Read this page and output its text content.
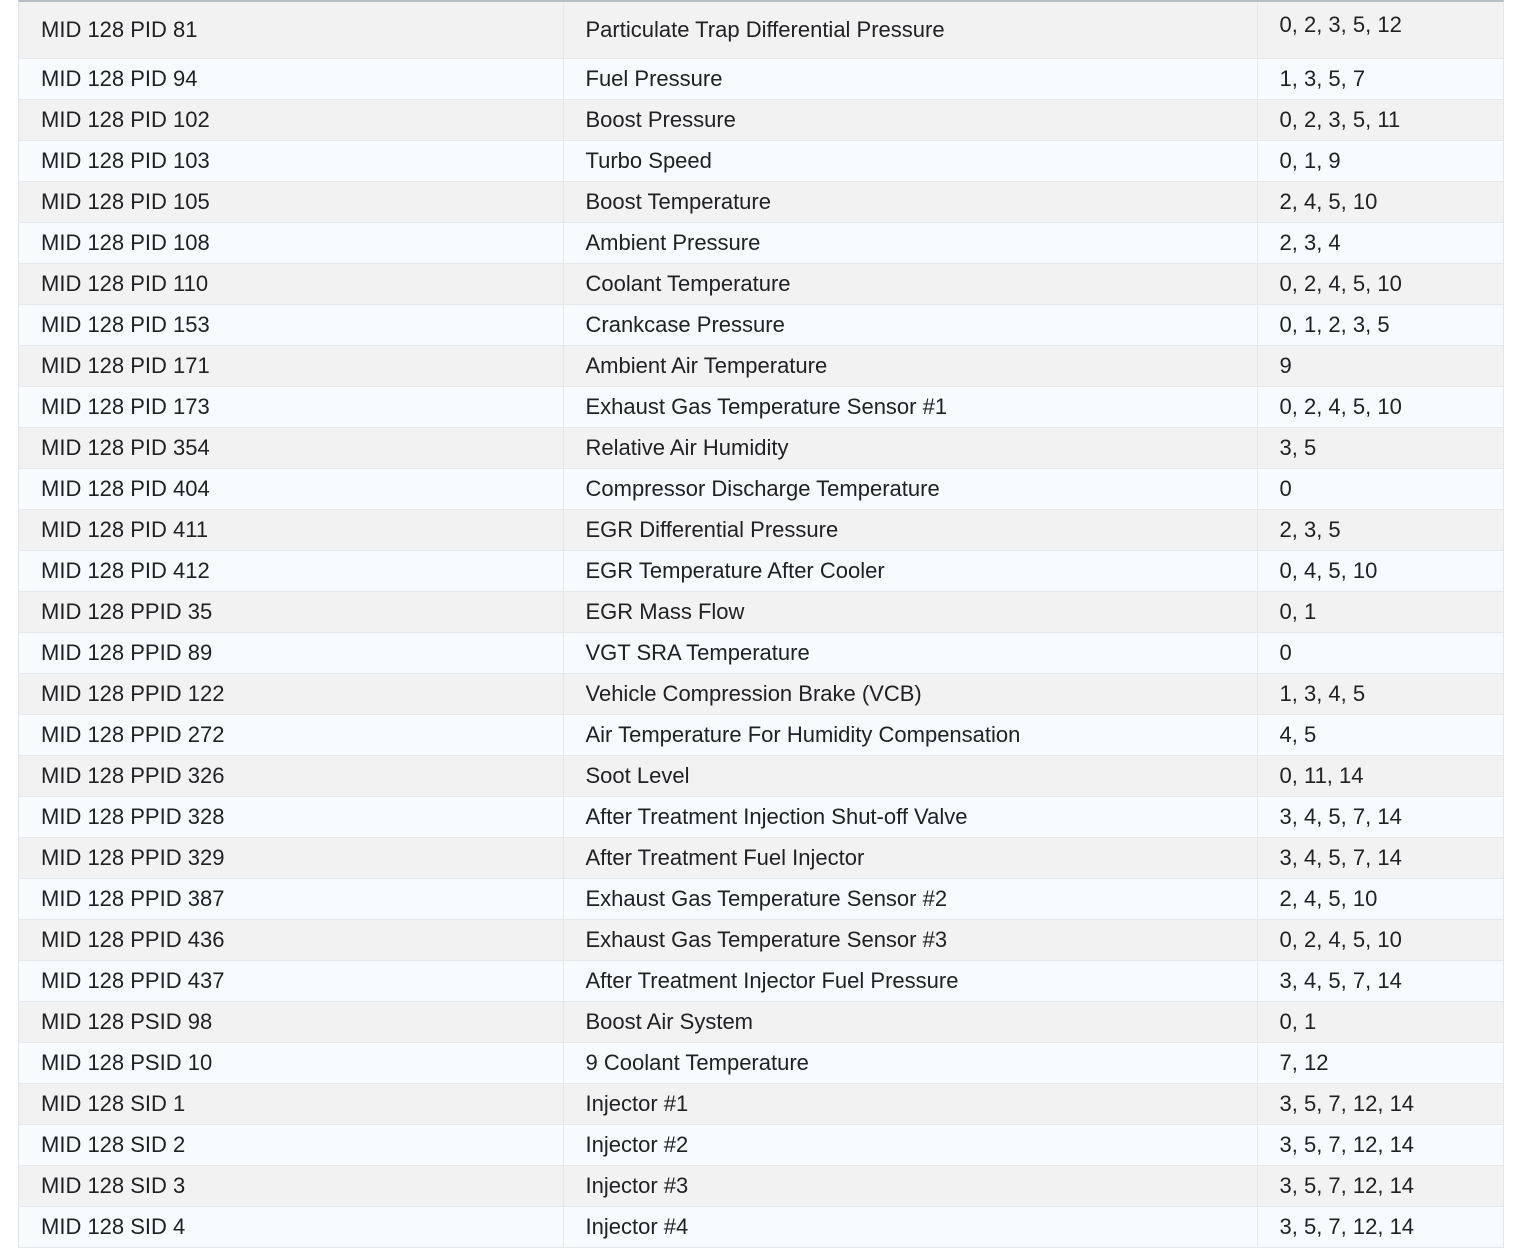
MID 128 PID 81	Particulate Trap Differential Pressure	0, 2, 3, 5, 12
MID 128 PID 94	Fuel Pressure	1, 3, 5, 7
MID 128 PID 102	Boost Pressure	0, 2, 3, 5, 11
MID 128 PID 103	Turbo Speed	0, 1, 9
MID 128 PID 105	Boost Temperature	2, 4, 5, 10
MID 128 PID 108	Ambient Pressure	2, 3, 4
MID 128 PID 110	Coolant Temperature	0, 2, 4, 5, 10
MID 128 PID 153	Crankcase Pressure	0, 1, 2, 3, 5
MID 128 PID 171	Ambient Air Temperature	9
MID 128 PID 173	Exhaust Gas Temperature Sensor #1	0, 2, 4, 5, 10
MID 128 PID 354	Relative Air Humidity	3, 5
MID 128 PID 404	Compressor Discharge Temperature	0
MID 128 PID 411	EGR Differential Pressure	2, 3, 5
MID 128 PID 412	EGR Temperature After Cooler	0, 4, 5, 10
MID 128 PPID 35	EGR Mass Flow	0, 1
MID 128 PPID 89	VGT SRA Temperature	0
MID 128 PPID 122	Vehicle Compression Brake (VCB)	1, 3, 4, 5
MID 128 PPID 272	Air Temperature For Humidity Compensation	4, 5
MID 128 PPID 326	Soot Level	0, 11, 14
MID 128 PPID 328	After Treatment Injection Shut-off Valve	3, 4, 5, 7, 14
MID 128 PPID 329	After Treatment Fuel Injector	3, 4, 5, 7, 14
MID 128 PPID 387	Exhaust Gas Temperature Sensor #2	2, 4, 5, 10
MID 128 PPID 436	Exhaust Gas Temperature Sensor #3	0, 2, 4, 5, 10
MID 128 PPID 437	After Treatment Injector Fuel Pressure	3, 4, 5, 7, 14
MID 128 PSID 98	Boost Air System	0, 1
MID 128 PSID 10	9 Coolant Temperature	7, 12
MID 128 SID 1	Injector #1	3, 5, 7, 12, 14
MID 128 SID 2	Injector #2	3, 5, 7, 12, 14
MID 128 SID 3	Injector #3	3, 5, 7, 12, 14
MID 128 SID 4	Injector #4	3, 5, 7, 12, 14
